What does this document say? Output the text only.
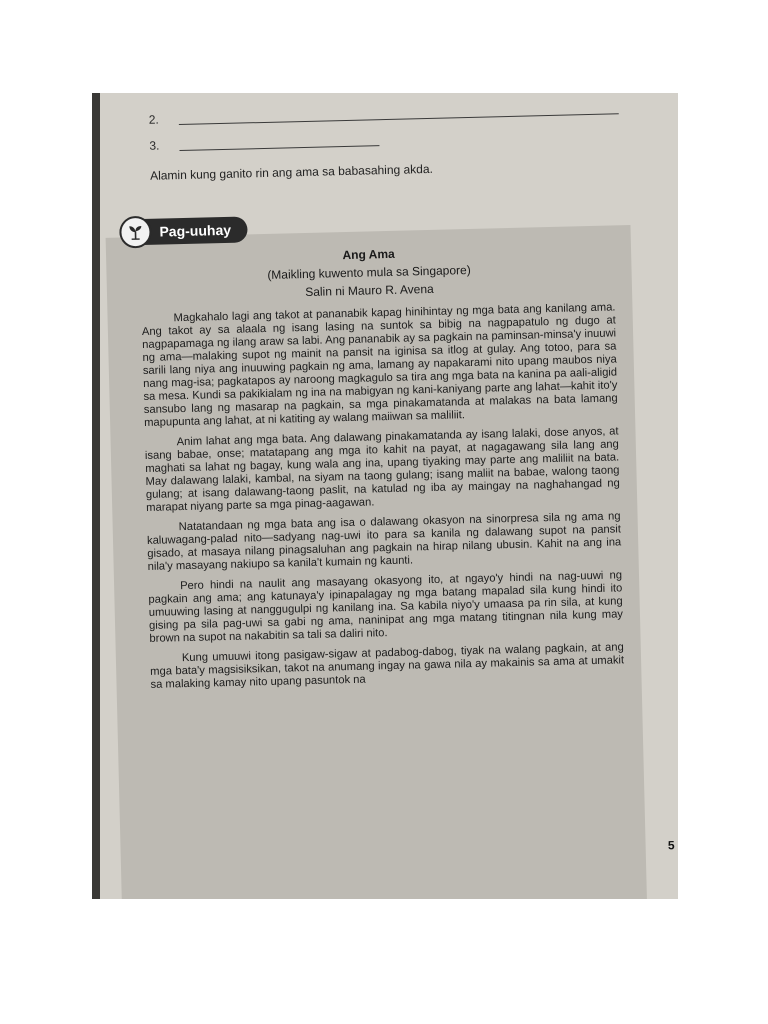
2.
3.
Alamin kung ganito rin ang ama sa babasahing akda.
Ang Ama
(Maikling kuwento mula sa Singapore)
Salin ni Mauro R. Avena

Magkahalo lagi ang takot at pananabik kapag hinihintay ng mga bata ang kanilang ama. Ang takot ay sa alaala ng isang lasing na suntok sa bibig na nagpapatulo ng dugo at nagpapamaga ng ilang araw sa labi. Ang pananabik ay sa pagkain na paminsan-minsa'y inuuwi ng ama—malaking supot ng mainit na pansit na iginisa sa itlog at gulay. Ang totoo, para sa sarili lang niya ang inuuwing pagkain ng ama, lamang ay napakarami nito upang maubos niya nang mag-isa; pagkatapos ay naroong magkagulo sa tira ang mga bata na kanina pa aali-aligid sa mesa. Kundi sa pakikialam ng ina na mabigyan ng kani-kaniyang parte ang lahat—kahit ito'y sansubo lang ng masarap na pagkain, sa mga pinakamatanda at malakas na bata lamang mapupunta ang lahat, at ni katiting ay walang maiiwan sa maliliit.

Anim lahat ang mga bata. Ang dalawang pinakamatanda ay isang lalaki, dose anyos, at isang babae, onse; matatapang ang mga ito kahit na payat, at nagagawang sila lang ang maghati sa lahat ng bagay, kung wala ang ina, upang tiyaking may parte ang maliliit na bata. May dalawang lalaki, kambal, na siyam na taong gulang; isang maliit na babae, walong taong gulang; at isang dalawang-taong paslit, na katulad ng iba ay maingay na naghahangad ng marapat niyang parte sa mga pinag-aagawan.

Natatandaan ng mga bata ang isa o dalawang okasyon na sinorpresa sila ng ama ng kaluwagang-palad nito—sadyang nag-uwi ito para sa kanila ng dalawang supot na pansit gisado, at masaya nilang pinagsaluhan ang pagkain na hirap nilang ubusin. Kahit na ang ina nila'y masayang nakiupo sa kanila't kumain ng kaunti.

Pero hindi na naulit ang masayang okasyong ito, at ngayo'y hindi na nag-uuwi ng pagkain ang ama; ang katunaya'y ipinapalagay ng mga batang mapalad sila kung hindi ito umuuwing lasing at nanggugulpi ng kanilang ina. Sa kabila niyo'y umaasa pa rin sila, at kung gising pa sila pag-uwi sa gabi ng ama, naninipat ang mga matang titingnan nila kung may brown na supot na nakabitin sa tali sa daliri nito.

Kung umuuwi itong pasigaw-sigaw at padabog-dabog, tiyak na walang pagkain, at ang mga bata'y magsisiksikan, takot na anumang ingay na gawa nila ay makainis sa ama at umakit sa malaking kamay nito upang pasuntok na

Pag-uuhay
5
